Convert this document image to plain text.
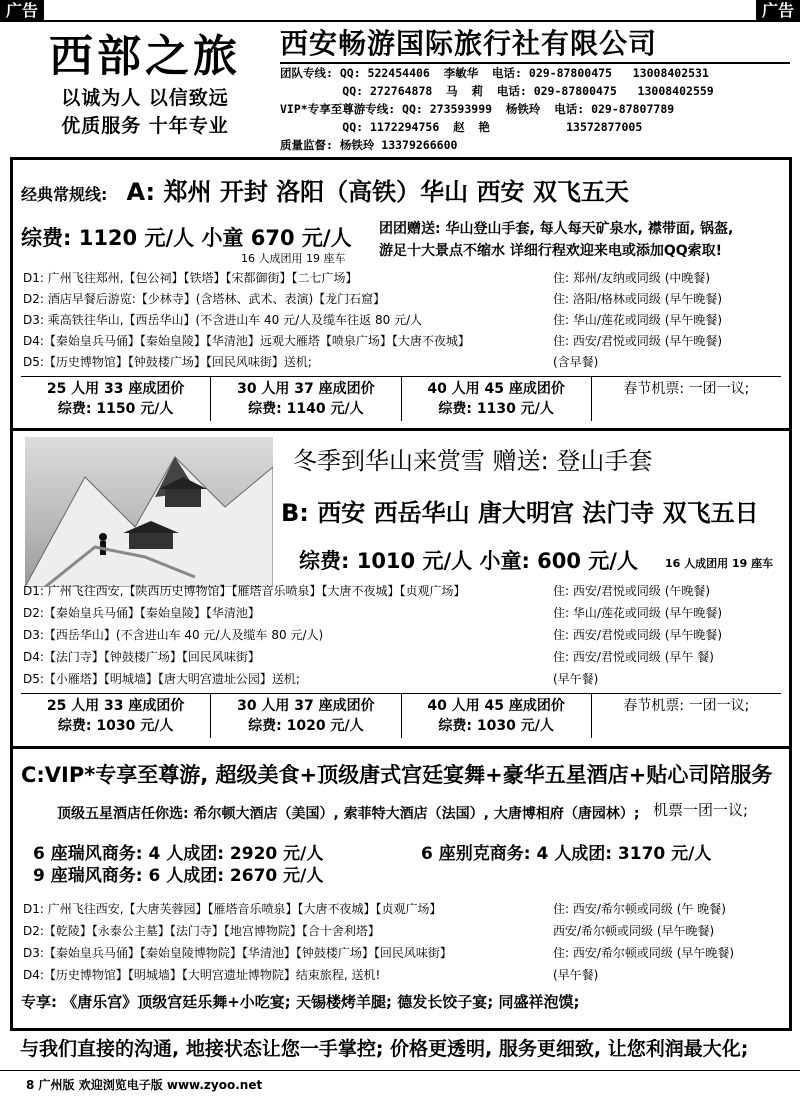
广告	广告
西部之旅
以诚为人 以信致远
优质服务 十年专业
西安畅游国际旅行社有限公司
团队专线: QQ: 522454406  李敏华  电话: 029-87800475   13008402531
QQ: 272764878  马  莉  电话: 029-87800475   13008402559
VIP*专享至尊游专线: QQ: 273593999  杨铁玲  电话: 029-87807789
QQ: 1172294756  赵  艳           13572877005
质量监督: 杨铁玲 13379266600
经典常规线: A: 郑州 开封 洛阳（高铁）华山 西安 双飞五天
综费: 1120 元/人 小童 670 元/人
16 人成团用 19 座车
团团赠送: 华山登山手套, 每人每天矿泉水, 襟带面, 锅盔,
游足十大景点不缩水 详细行程欢迎来电或添加QQ索取!
D1: 广州飞往郑州,【包公祠】【铁塔】【宋都御街】【二七广场】	住: 郑州/友纳或同级 (中晚餐)
D2: 酒店早餐后游览:【少林寺】(含塔林、武术、表演)【龙门石窟】	住: 洛阳/格林或同级 (早午晚餐)
D3: 乘高铁往华山,【西岳华山】(不含进山车 40 元/人及缆车往返 80 元/人	住: 华山/莲花或同级 (早午晚餐)
D4:【秦始皇兵马俑】【秦始皇陵】【华清池】远观大雁塔【喷泉广场】【大唐不夜城】	住: 西安/君悦或同级 (早午晚餐)
D5:【历史博物馆】【钟鼓楼广场】【回民风味街】送机;	(含早餐)
25 人用 33 座成团价
综费: 1150 元/人
30 人用 37 座成团价
综费: 1140 元/人
40 人用 45 座成团价
综费: 1130 元/人
春节机票: 一团一议;
冬季到华山来赏雪 赠送: 登山手套
B: 西安 西岳华山 唐大明宫 法门寺 双飞五日
综费: 1010 元/人 小童: 600 元/人 16 人成团用 19 座车
D1: 广州飞往西安,【陕西历史博物馆】【雁塔音乐喷泉】【大唐不夜城】【贞观广场】	住: 西安/君悦或同级 (午晚餐)
D2:【秦始皇兵马俑】【秦始皇陵】【华清池】	住: 华山/莲花或同级 (早午晚餐)
D3:【西岳华山】(不含进山车 40 元/人及缆车 80 元/人)	住: 西安/君悦或同级 (早午晚餐)
D4:【法门寺】【钟鼓楼广场】【回民风味街】	住: 西安/君悦或同级 (早午 餐)
D5:【小雁塔】【明城墙】【唐大明宫遗址公园】送机;	(早午餐)
25 人用 33 座成团价
综费: 1030 元/人
30 人用 37 座成团价
综费: 1020 元/人
40 人用 45 座成团价
综费: 1030 元/人
春节机票: 一团一议;
C:VIP*专享至尊游, 超级美食+顶级唐式宫廷宴舞+豪华五星酒店+贴心司陪服务
顶级五星酒店任你选: 希尔顿大酒店（美国）, 索菲特大酒店（法国）, 大唐博相府（唐园林）; 机票一团一议;
6 座瑞风商务: 4 人成团: 2920 元/人	6 座别克商务: 4 人成团: 3170 元/人
9 座瑞风商务: 6 人成团: 2670 元/人
D1: 广州飞往西安,【大唐芙蓉园】【雁塔音乐喷泉】【大唐不夜城】【贞观广场】	住: 西安/希尔顿或同级 (午 晚餐)
D2:【乾陵】【永泰公主墓】【法门寺】【地宫博物院】【合十舍利塔】	西安/希尔顿或同级 (早午晚餐)
D3:【秦始皇兵马俑】【秦始皇陵博物院】【华清池】【钟鼓楼广场】【回民风味街】	住: 西安/希尔顿或同级 (早午晚餐)
D4:【历史博物馆】【明城墙】【大明宫遗址博物院】结束旅程, 送机!	(早午餐)
专享: 《唐乐宫》顶级宫廷乐舞+小吃宴; 天锡楼烤羊腿; 德发长饺子宴; 同盛祥泡馍;
与我们直接的沟通, 地接状态让您一手掌控; 价格更透明, 服务更细致, 让您利润最大化;
8 广州版 欢迎浏览电子版 www.zyoo.net
